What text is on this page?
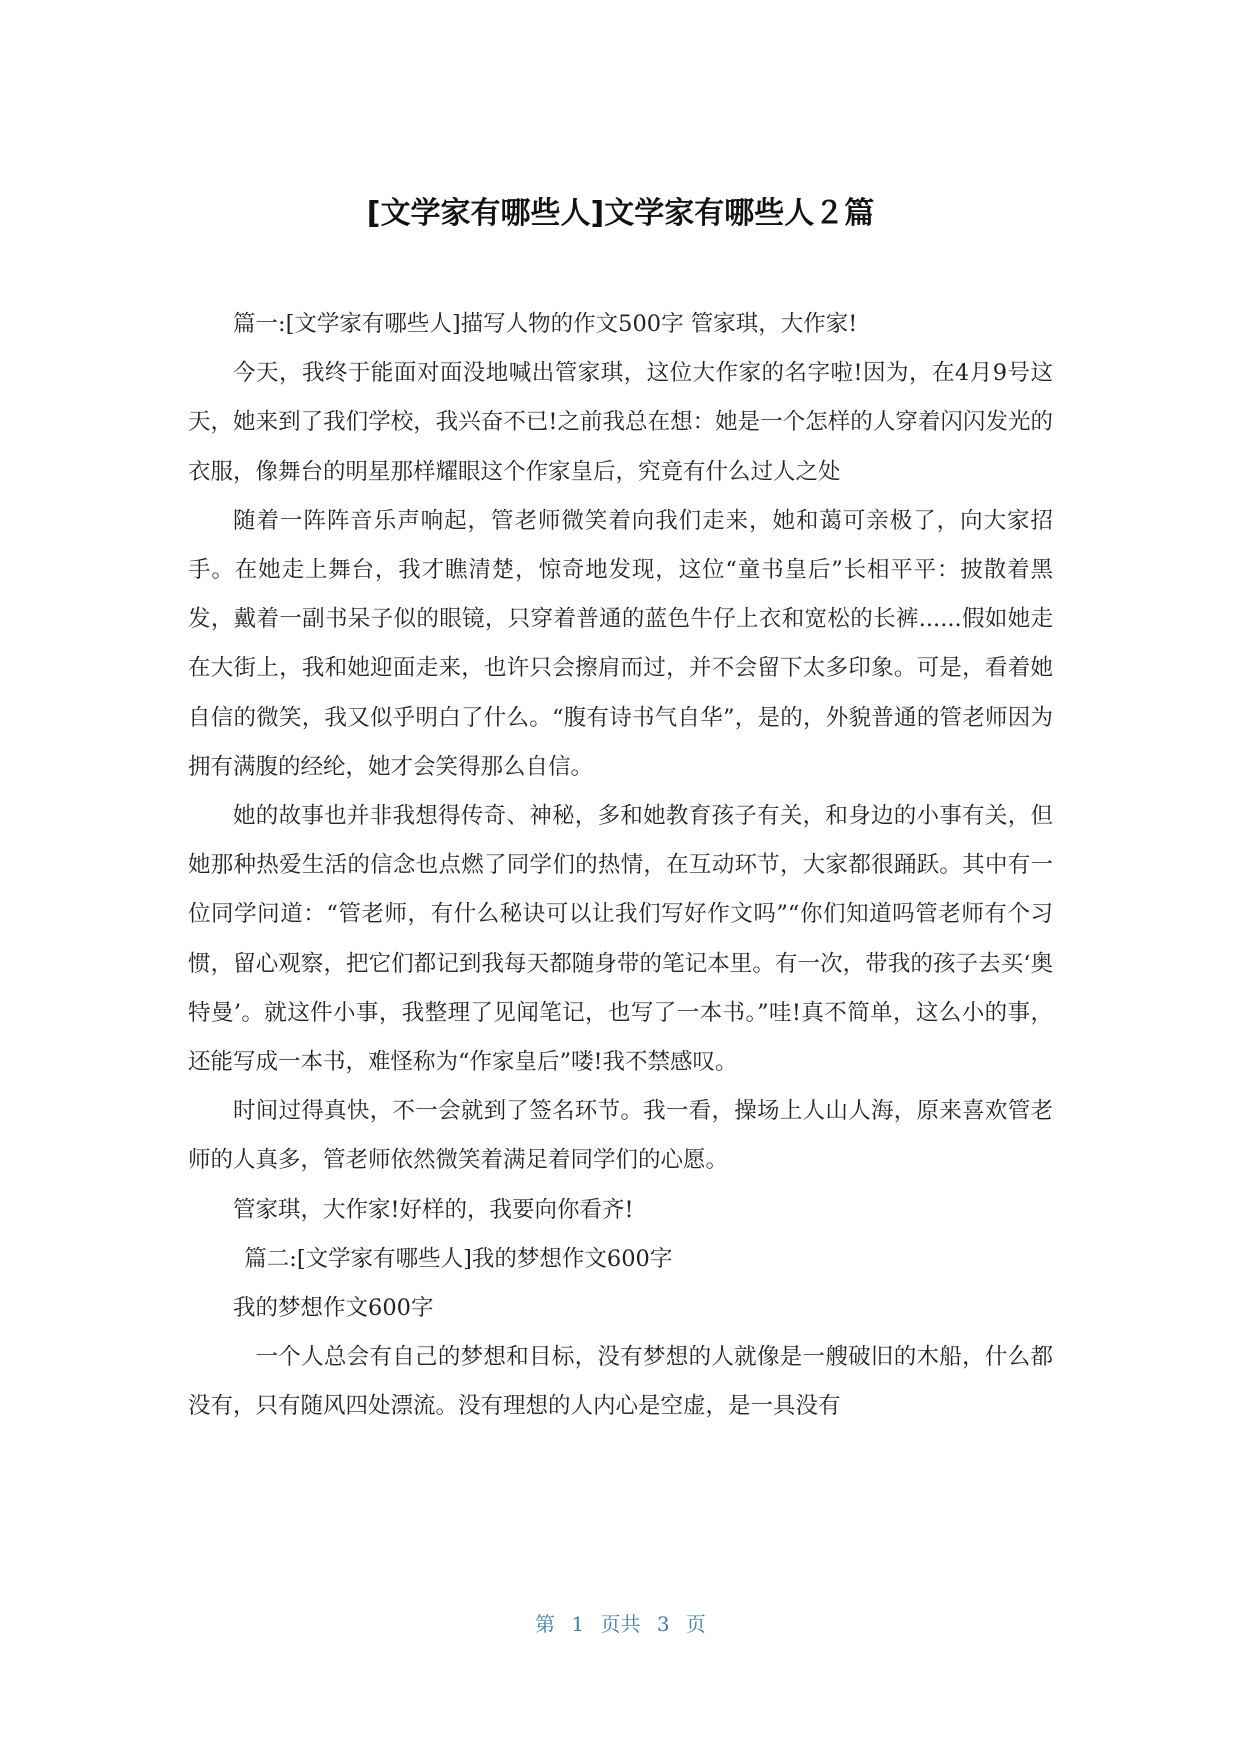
[文学家有哪些人]文学家有哪些人２篇

篇一:[文学家有哪些人]描写人物的作文500字 管家琪，大作家!

今天，我终于能面对面没地喊出管家琪，这位大作家的名字啦!因为，在4月9号这天，她来到了我们学校，我兴奋不已!之前我总在想：她是一个怎样的人穿着闪闪发光的衣服，像舞台的明星那样耀眼这个作家皇后，究竟有什么过人之处

随着一阵阵音乐声响起，管老师微笑着向我们走来，她和蔼可亲极了，向大家招手。在她走上舞台，我才瞧清楚，惊奇地发现，这位“童书皇后”长相平平：披散着黑发，戴着一副书呆子似的眼镜，只穿着普通的蓝色牛仔上衣和宽松的长裤......假如她走在大街上，我和她迎面走来，也许只会擦肩而过，并不会留下太多印象。可是，看着她自信的微笑，我又似乎明白了什么。“腹有诗书气自华”，是的，外貌普通的管老师因为拥有满腹的经纶，她才会笑得那么自信。

她的故事也并非我想得传奇、神秘，多和她教育孩子有关，和身边的小事有关，但她那种热爱生活的信念也点燃了同学们的热情，在互动环节，大家都很踊跃。其中有一位同学问道：“管老师，有什么秘诀可以让我们写好作文吗”“你们知道吗管老师有个习惯，留心观察，把它们都记到我每天都随身带的笔记本里。有一次，带我的孩子去买‘奥特曼’。就这件小事，我整理了见闻笔记，也写了一本书。”哇!真不简单，这么小的事，还能写成一本书，难怪称为“作家皇后”喽!我不禁感叹。

时间过得真快，不一会就到了签名环节。我一看，操场上人山人海，原来喜欢管老师的人真多，管老师依然微笑着满足着同学们的心愿。

管家琪，大作家!好样的，我要向你看齐!

篇二:[文学家有哪些人]我的梦想作文600字

我的梦想作文600字

一个人总会有自己的梦想和目标，没有梦想的人就像是一艘破旧的木船，什么都没有，只有随风四处漂流。没有理想的人内心是空虚，是一具没有

第 1 页共 3 页
